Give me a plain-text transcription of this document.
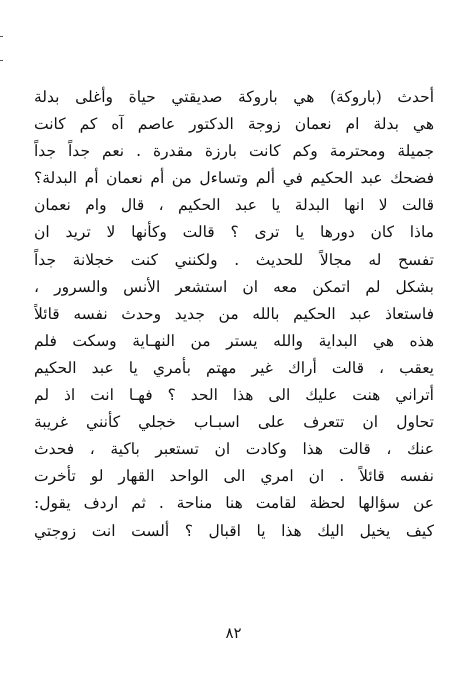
أحدث (باروكة) هي باروكة صديقتي حياة وأغلى بدلة
هي بدلة ام نعمان زوجة الدكتور عاصم آه كم كانت
جميلة ومحترمة وكم كانت بارزة مقدرة . نعم جداً جداً
فضحك عبد الحكيم في ألم وتساءل من أم نعمان أم البدلة؟
قالت لا انها البدلة يا عبد الحكيم ، قال وام نعمان
ماذا كان دورها يا ترى ؟ قالت وكأنها لا تريد ان
تفسح له مجالاً للحديث . ولكنني كنت خجلانة جداً
بشكل لم اتمكن معه ان استشعر الأنس والسرور ،
فاستعاذ عبد الحكيم بالله من جديد وحدث نفسه قائلاً
هذه هي البداية والله يستر من النهـاية وسكت فلم
يعقب ، قالت أراك غير مهتم بأمري يا عبد الحكيم
أتراني هنت عليك الى هذا الحد ؟ فهـا انت اذ لم
تحاول ان تتعرف على اسبـاب خجلي كأنني غريبة
عنك ، قالت هذا وكادت ان تستعبر باكية ، فحدث
نفسه قائلاً . ان امري الى الواحد القهار لو تأخرت
عن سؤالها لحظة لقامت هنا مناحة . ثم اردف يقول:
كيف يخيل اليك هذا يا اقبال ؟ ألست انت زوجتي
٨٢
